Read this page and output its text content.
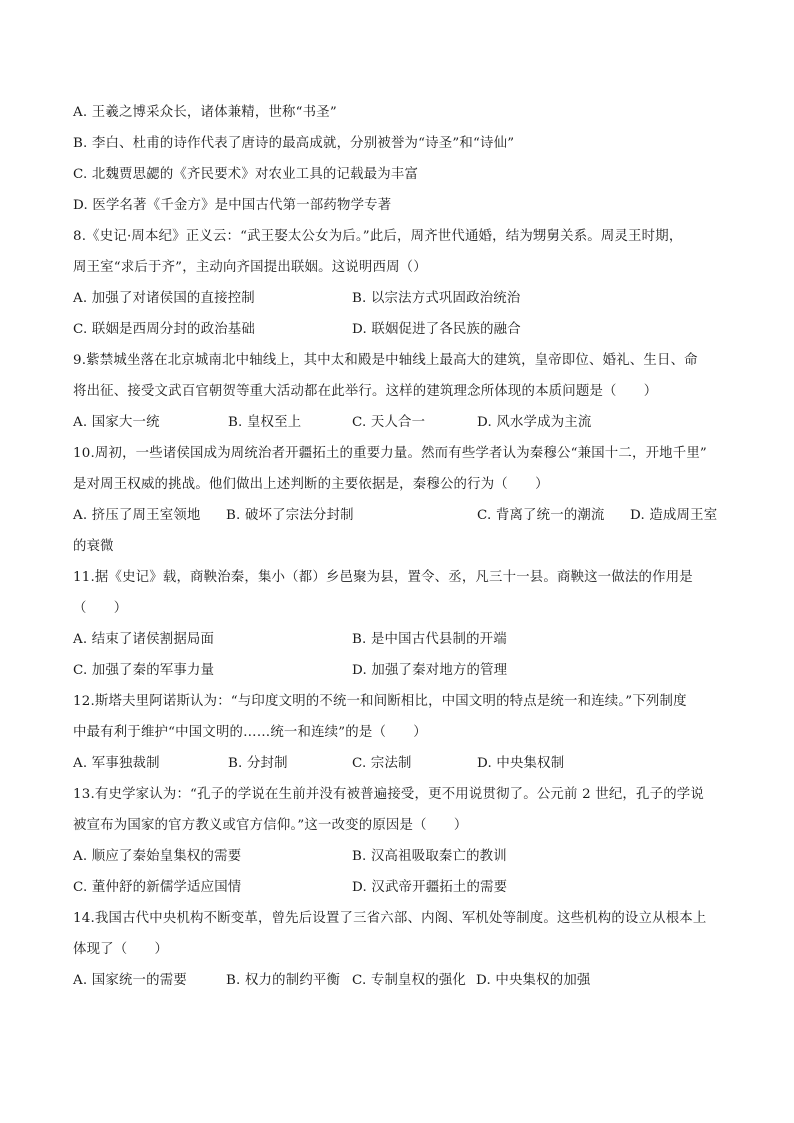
A. 王羲之博采众长，诸体兼精，世称“书圣”
B. 李白、杜甫的诗作代表了唐诗的最高成就，分别被誉为“诗圣”和“诗仙”
C. 北魏贾思勰的《齐民要术》对农业工具的记载最为丰富
D. 医学名著《千金方》是中国古代第一部药物学专著
8.《史记·周本纪》正义云：“武王娶太公女为后。”此后，周齐世代通婚，结为甥舅关系。周灵王时期，
周王室“求后于齐”，主动向齐国提出联姻。这说明西周（）
A. 加强了对诸侯国的直接控制	B. 以宗法方式巩固政治统治
C. 联姻是西周分封的政治基础	D. 联姻促进了各民族的融合
9.紫禁城坐落在北京城南北中轴线上，其中太和殿是中轴线上最高大的建筑，皇帝即位、婚礼、生日、命
将出征、接受文武百官朝贺等重大活动都在此举行。这样的建筑理念所体现的本质问题是（　　）
A. 国家大一统	B. 皇权至上	C. 天人合一	D. 风水学成为主流
10.周初，一些诸侯国成为周统治者开疆拓土的重要力量。然而有些学者认为秦穆公“兼国十二，开地千里”
是对周王权威的挑战。他们做出上述判断的主要依据是，秦穆公的行为（　　）
A. 挤压了周王室领地 B. 破坏了宗法分封制	C. 背离了统一的潮流 D. 造成周王室
的衰微
11.据《史记》载，商鞅治秦，集小（都）乡邑聚为县，置令、丞，凡三十一县。商鞅这一做法的作用是
（　　）
A. 结束了诸侯割据局面	B. 是中国古代县制的开端
C. 加强了秦的军事力量	D. 加强了秦对地方的管理
12.斯塔夫里阿诺斯认为：“与印度文明的不统一和间断相比，中国文明的特点是统一和连续。”下列制度
中最有利于维护“中国文明的……统一和连续”的是（　　）
A. 军事独裁制	B. 分封制	C. 宗法制	D. 中央集权制
13.有史学家认为：“孔子的学说在生前并没有被普遍接受，更不用说贯彻了。公元前 2 世纪，孔子的学说
被宣布为国家的官方教义或官方信仰。”这一改变的原因是（　　）
A. 顺应了秦始皇集权的需要	B. 汉高祖吸取秦亡的教训
C. 董仲舒的新儒学适应国情	D. 汉武帝开疆拓土的需要
14.我国古代中央机构不断变革，曾先后设置了三省六部、内阁、军机处等制度。这些机构的设立从根本上
体现了（　　）
A. 国家统一的需要	B. 权力的制约平衡 C. 专制皇权的强化 D. 中央集权的加强
